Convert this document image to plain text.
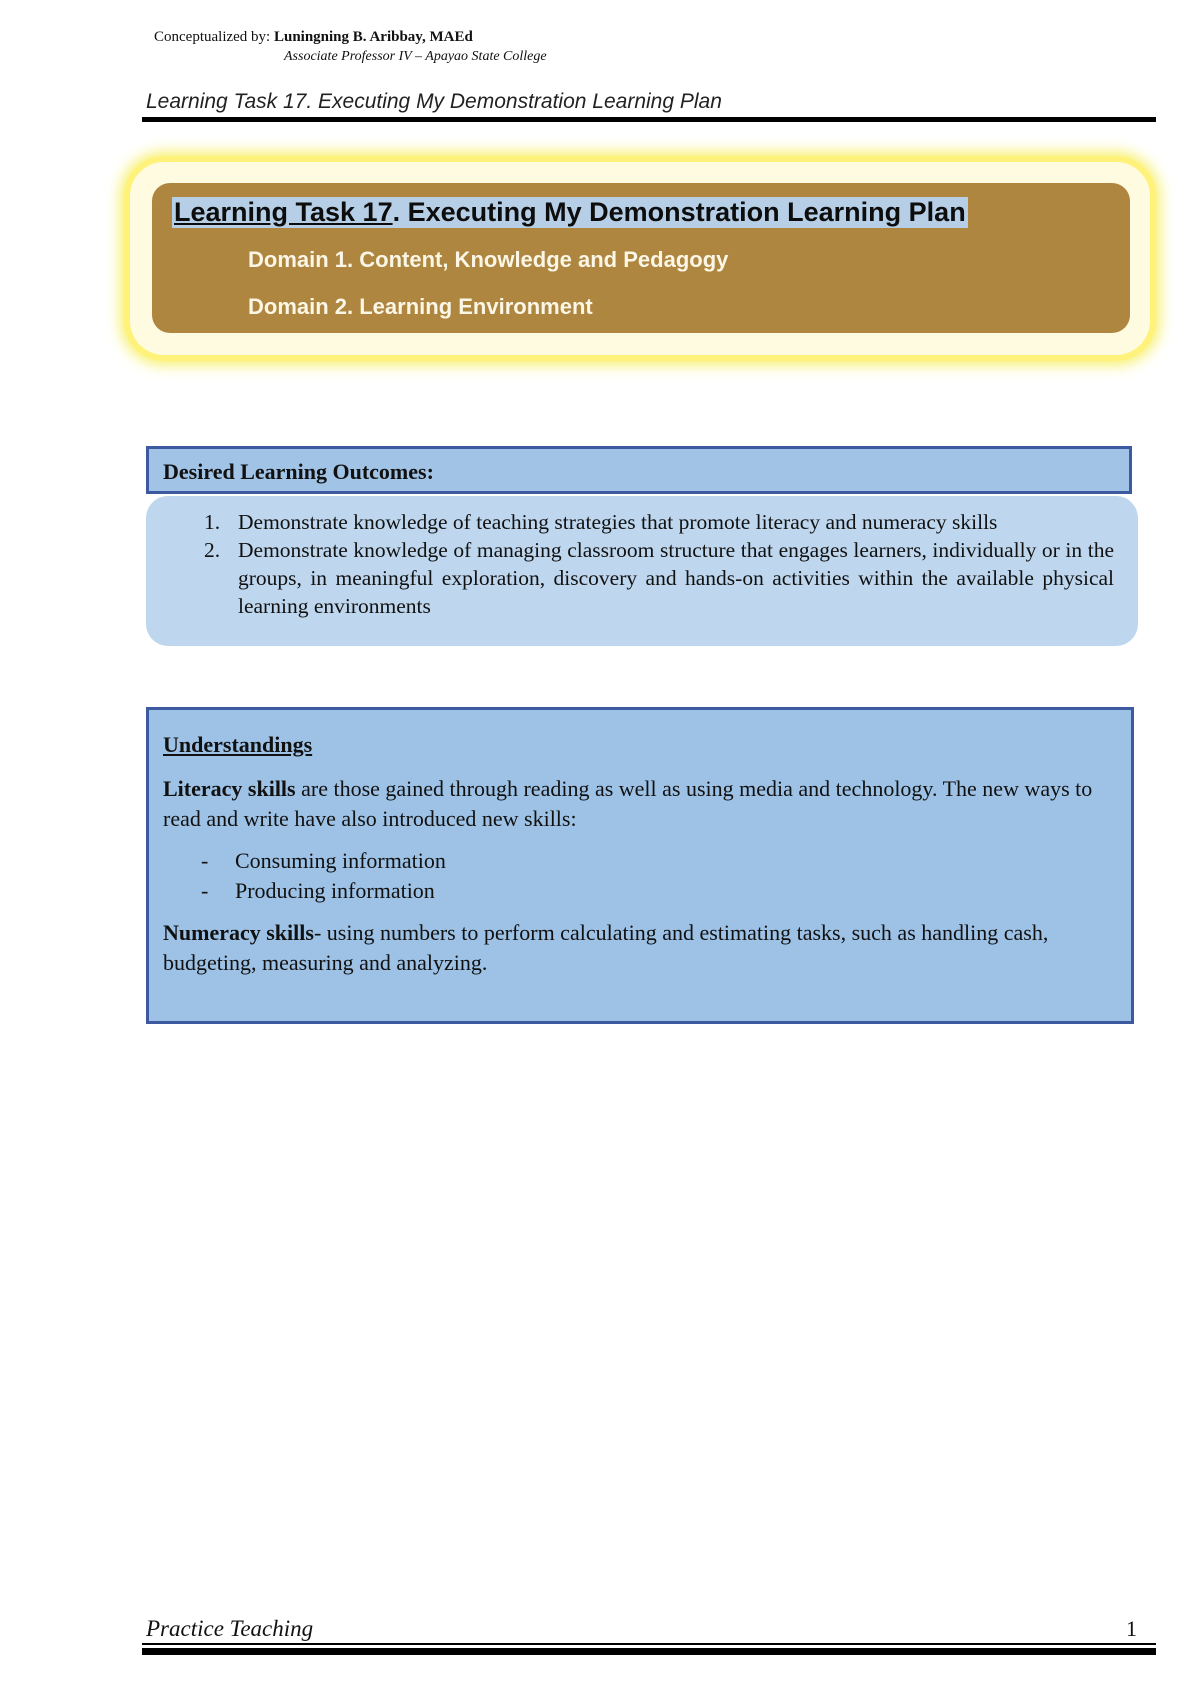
Conceptualized by: Luningning B. Aribbay, MAEd
Associate Professor IV – Apayao State College
Learning Task 17. Executing My Demonstration Learning Plan
Learning Task 17. Executing My Demonstration Learning Plan
Domain 1. Content, Knowledge and Pedagogy
Domain 2. Learning Environment
Desired Learning Outcomes:
1. Demonstrate knowledge of teaching strategies that promote literacy and numeracy skills
2. Demonstrate knowledge of managing classroom structure that engages learners, individually or in the groups, in meaningful exploration, discovery and hands-on activities within the available physical learning environments
Understandings

Literacy skills are those gained through reading as well as using media and technology. The new ways to read and write have also introduced new skills:

- Consuming information
- Producing information

Numeracy skills- using numbers to perform calculating and estimating tasks, such as handling cash, budgeting, measuring and analyzing.

Practice Teaching	1
